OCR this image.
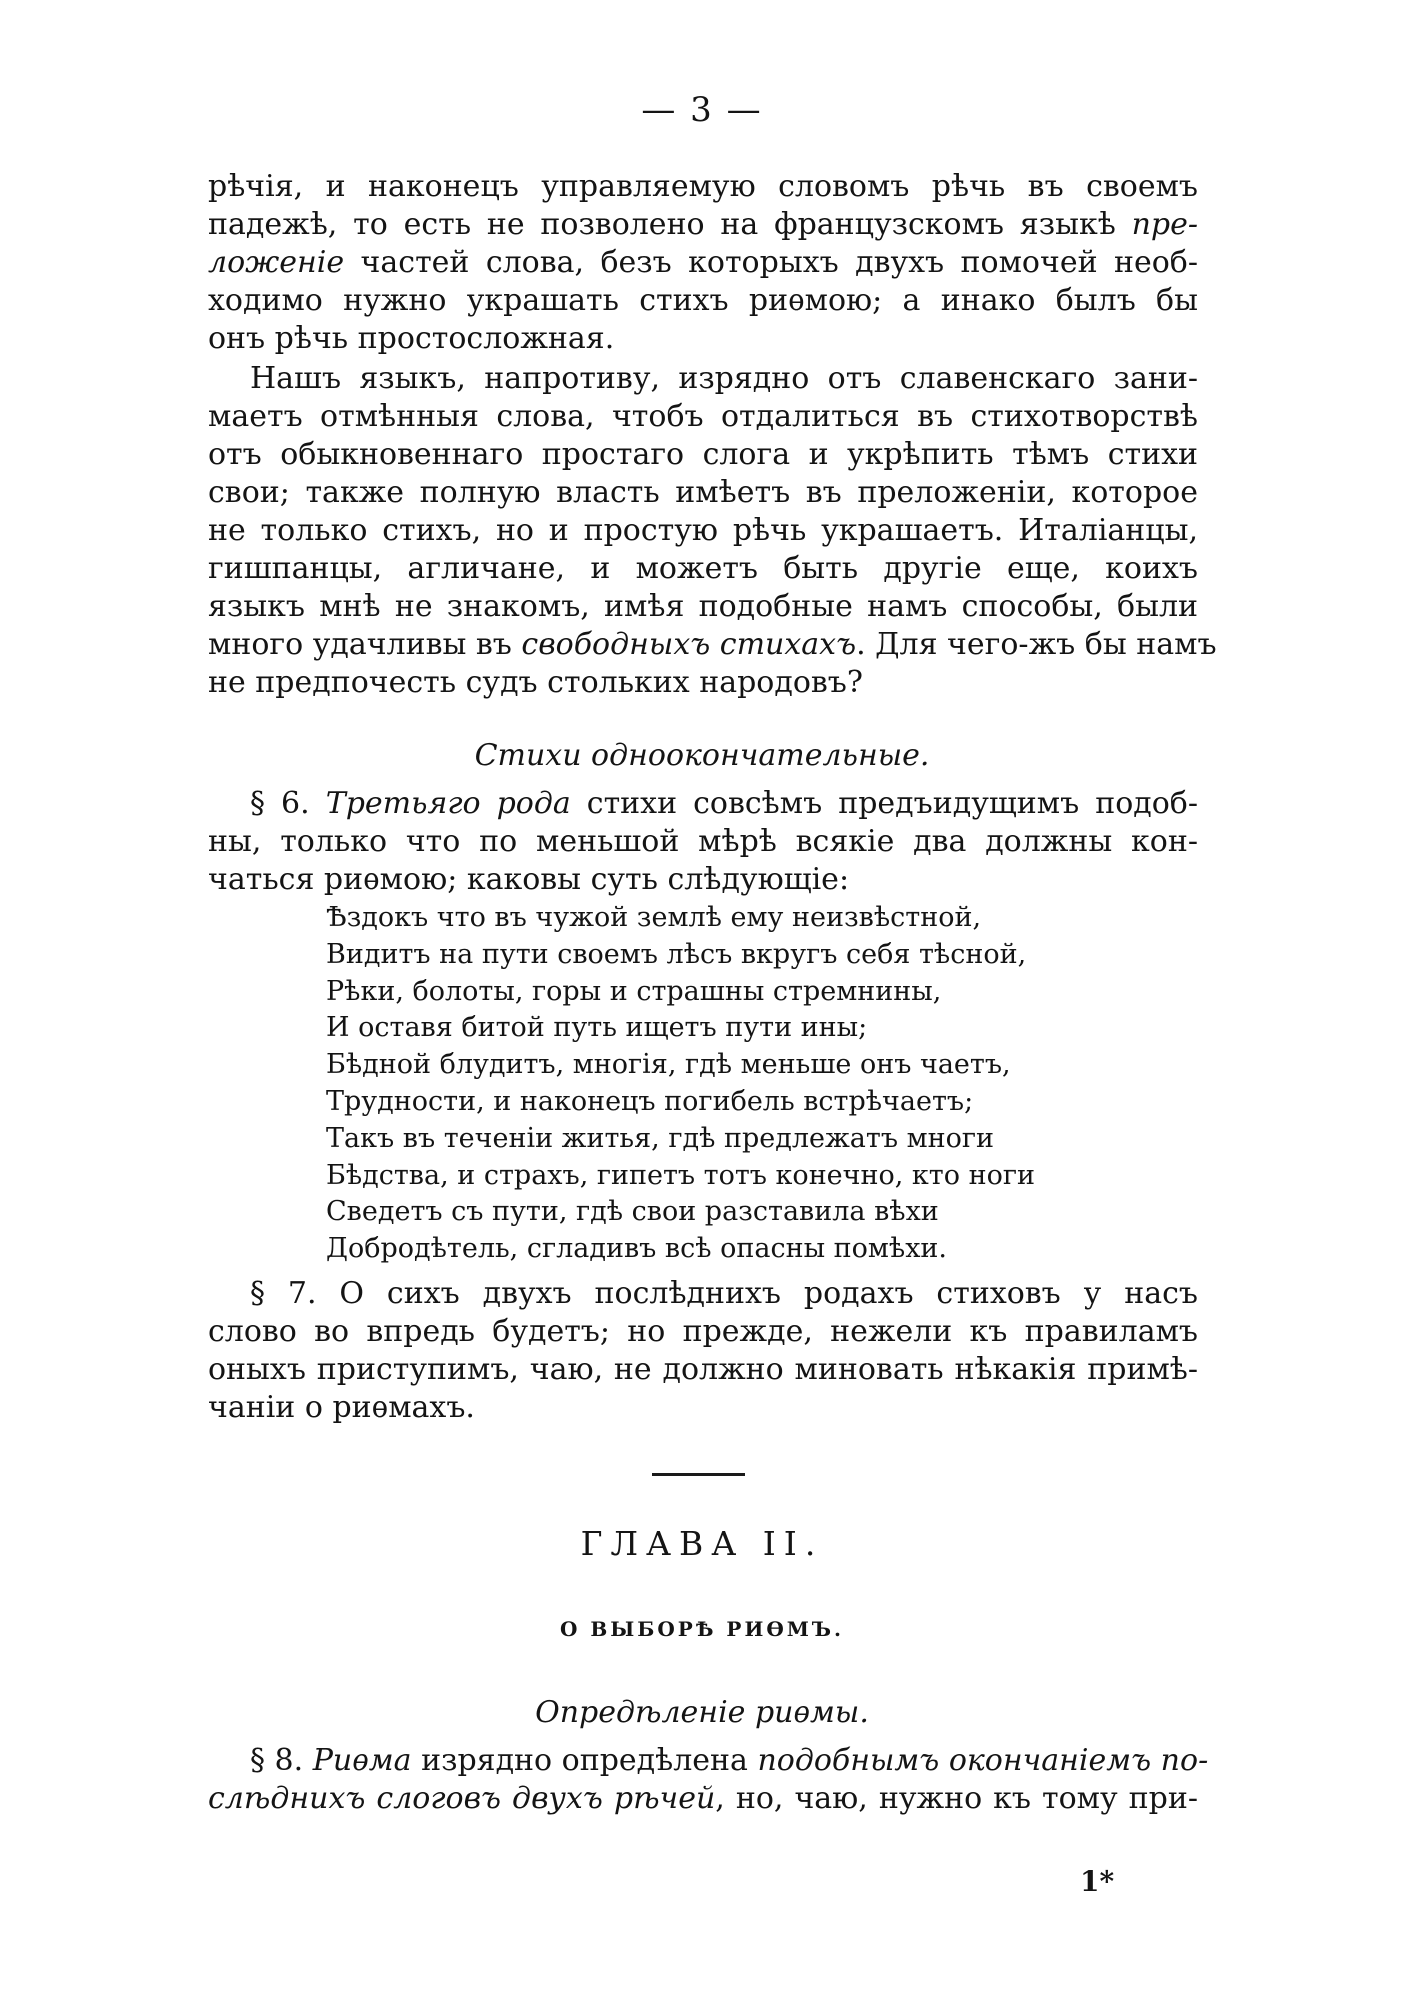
— 3 —
рѣчія, и наконецъ управляемую словомъ рѣчь въ своемъ
падежѣ, то есть не позволено на французскомъ языкѣ пре-
ложеніе частей слова, безъ которыхъ двухъ помочей необ-
ходимо нужно украшать стихъ риѳмою; а инако былъ бы
онъ рѣчь простосложная.
Нашъ языкъ, напротиву, изрядно отъ славенскаго зани-
маетъ отмѣнныя слова, чтобъ отдалиться въ стихотворствѣ
отъ обыкновеннаго простаго слога и укрѣпить тѣмъ стихи
свои; также полную власть имѣетъ въ преложеніи, которое
не только стихъ, но и простую рѣчь украшаетъ. Италіанцы,
гишпанцы, агличане, и можетъ быть другіе еще, коихъ
языкъ мнѣ не знакомъ, имѣя подобные намъ способы, были
много удачливы въ свободныхъ стихахъ. Для чего-жъ бы намъ
не предпочесть судъ стольких народовъ?
Стихи одноокончательные.
§ 6. Третьяго рода стихи совсѣмъ предъидущимъ подоб-
ны, только что по меньшой мѣрѣ всякіе два должны кон-
чаться риѳмою; каковы суть слѣдующіе:
Ѣздокъ что въ чужой землѣ ему неизвѣстной,
Видитъ на пути своемъ лѣсъ вкругъ себя тѣсной,
Рѣки, болоты, горы и страшны стремнины,
И оставя битой путь ищетъ пути ины;
Бѣдной блудитъ, многія, гдѣ меньше онъ чаетъ,
Трудности, и наконецъ погибель встрѣчаетъ;
Такъ въ теченіи житья, гдѣ предлежатъ многи
Бѣдства, и страхъ, гипетъ тотъ конечно, кто ноги
Сведетъ съ пути, гдѣ свои разставила вѣхи
Добродѣтель, сгладивъ всѣ опасны помѣхи.
§ 7. О сихъ двухъ послѣднихъ родахъ стиховъ у насъ
слово во впредь будетъ; но прежде, нежели къ правиламъ
оныхъ приступимъ, чаю, не должно миновать нѣкакія примѣ-
чаніи о риѳмахъ.
ГЛАВА II.
О ВЫБОРѢ РИѲМЪ.
Опредѣленіе риѳмы.
§ 8. Риѳма изрядно опредѣлена подобнымъ окончаніемъ по-
слѣднихъ слоговъ двухъ рѣчей, но, чаю, нужно къ тому при-
1*
